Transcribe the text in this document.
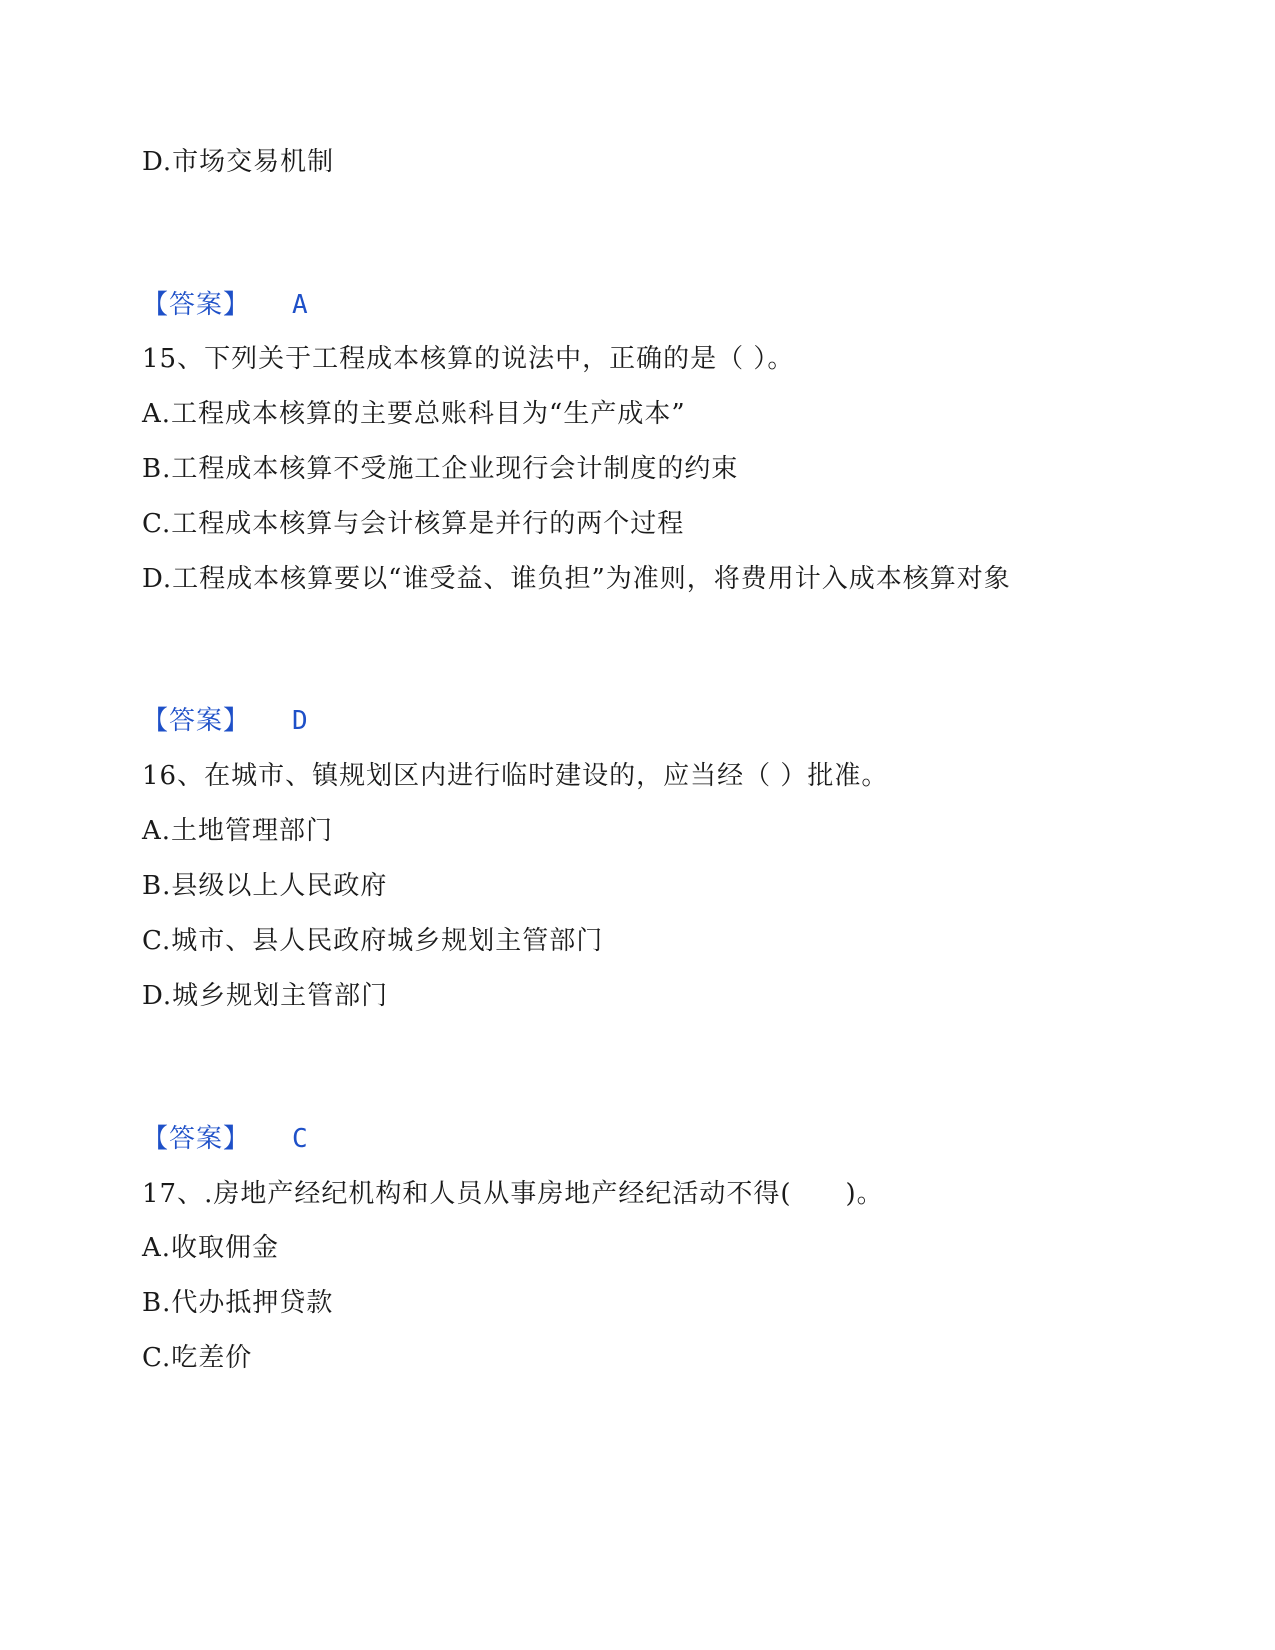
D.市场交易机制
【答案】 A
15、下列关于工程成本核算的说法中，正确的是（ ）。
A.工程成本核算的主要总账科目为“生产成本”
B.工程成本核算不受施工企业现行会计制度的约束
C.工程成本核算与会计核算是并行的两个过程
D.工程成本核算要以“谁受益、谁负担”为准则，将费用计入成本核算对象
【答案】 D
16、在城市、镇规划区内进行临时建设的，应当经（ ）批准。
A.土地管理部门
B.县级以上人民政府
C.城市、县人民政府城乡规划主管部门
D.城乡规划主管部门
【答案】 C
17、.房地产经纪机构和人员从事房地产经纪活动不得(　　)。
A.收取佣金
B.代办抵押贷款
C.吃差价
